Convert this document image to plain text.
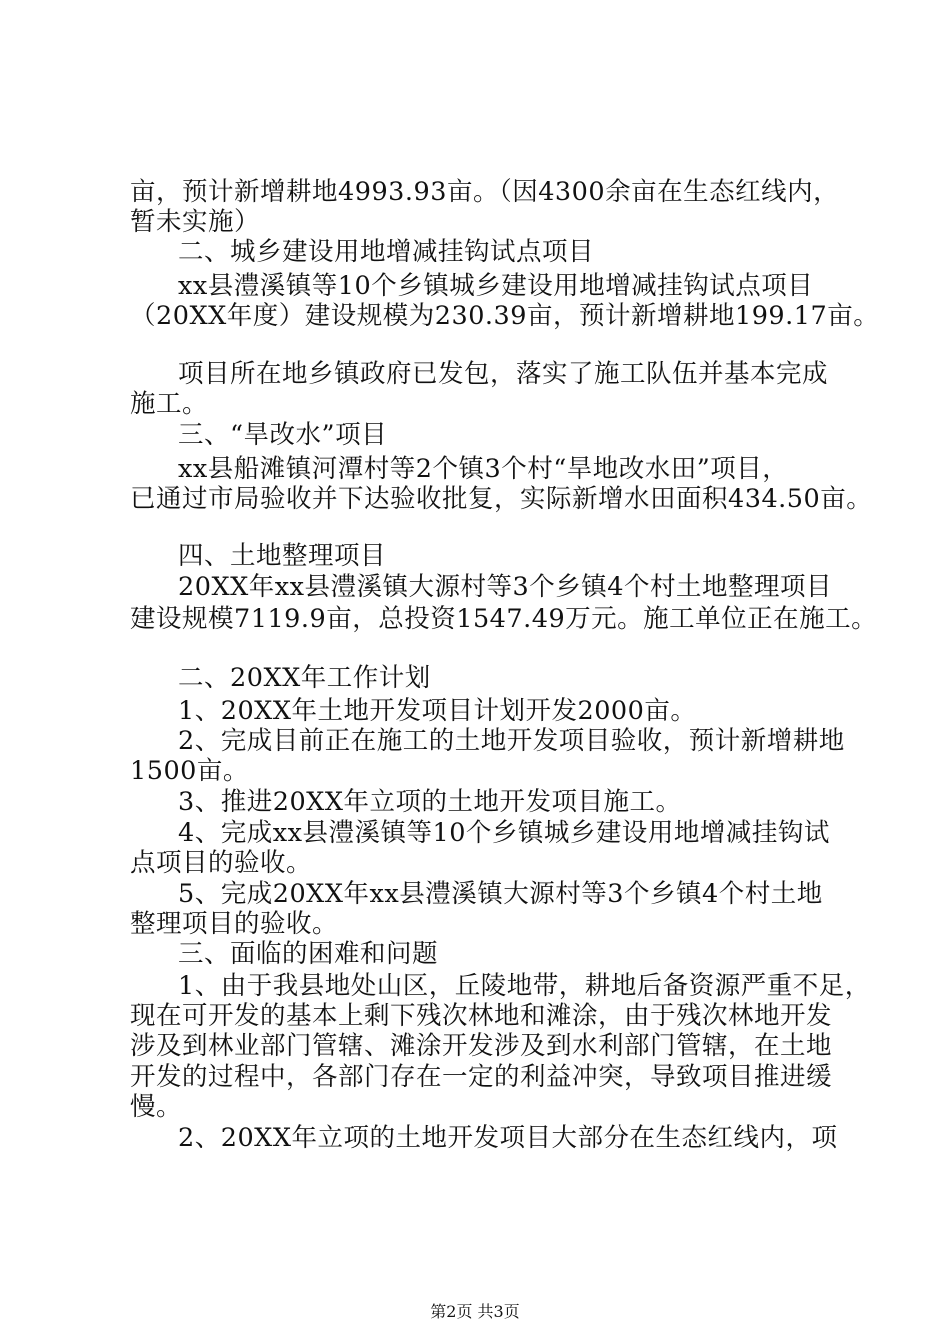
亩，预计新增耕地4993.93亩。（因4300余亩在生态红线内，
暂未实施）
二、城乡建设用地增减挂钩试点项目
xx县澧溪镇等10个乡镇城乡建设用地增减挂钩试点项目
（20XX年度）建设规模为230.39亩，预计新增耕地199.17亩。
项目所在地乡镇政府已发包，落实了施工队伍并基本完成
施工。
三、“旱改水”项目
xx县船滩镇河潭村等2个镇3个村“旱地改水田”项目，
已通过市局验收并下达验收批复，实际新增水田面积434.50亩。
四、土地整理项目
20XX年xx县澧溪镇大源村等3个乡镇4个村土地整理项目
建设规模7119.9亩，总投资1547.49万元。施工单位正在施工。
二、20XX年工作计划
1、20XX年土地开发项目计划开发2000亩。
2、完成目前正在施工的土地开发项目验收，预计新增耕地
1500亩。
3、推进20XX年立项的土地开发项目施工。
4、完成xx县澧溪镇等10个乡镇城乡建设用地增减挂钩试
点项目的验收。
5、完成20XX年xx县澧溪镇大源村等3个乡镇4个村土地
整理项目的验收。
三、面临的困难和问题
1、由于我县地处山区，丘陵地带，耕地后备资源严重不足，
现在可开发的基本上剩下残次林地和滩涂，由于残次林地开发
涉及到林业部门管辖、滩涂开发涉及到水利部门管辖，在土地
开发的过程中，各部门存在一定的利益冲突，导致项目推进缓
慢。
2、20XX年立项的土地开发项目大部分在生态红线内，项
第2页 共3页
